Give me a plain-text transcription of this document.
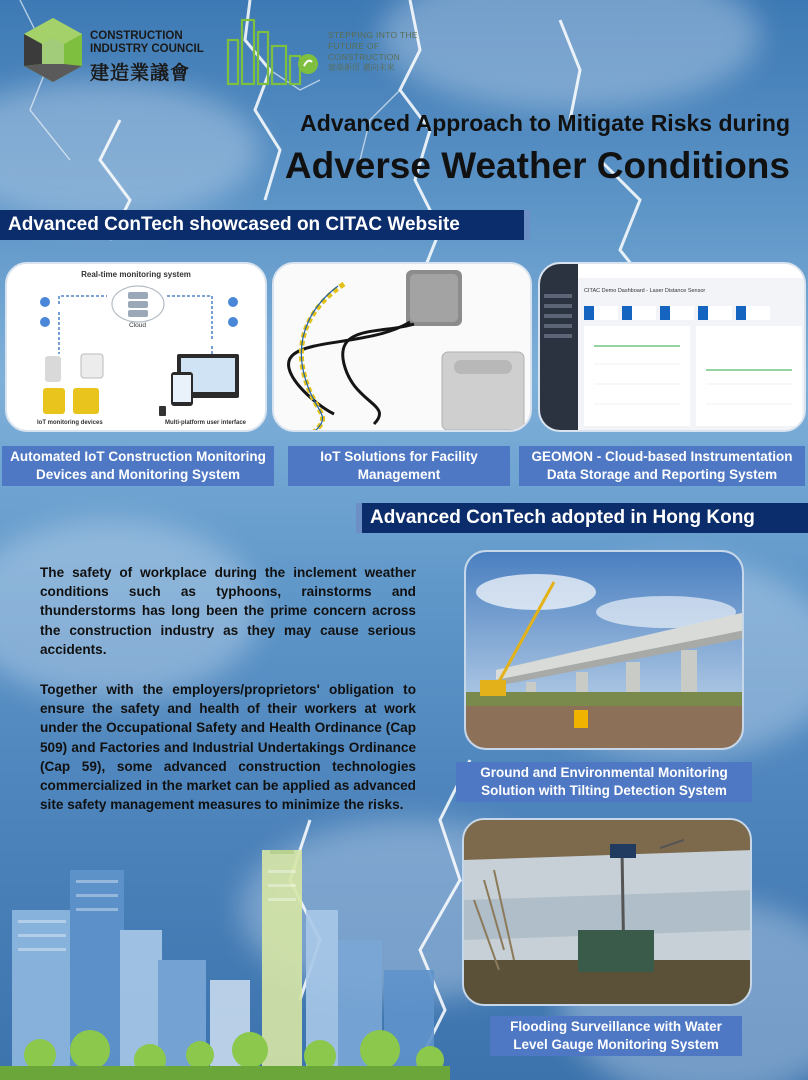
CONSTRUCTION INDUSTRY COUNCIL
建造業議會
STEPPING INTO THE FUTURE OF CONSTRUCTION
建築新徑 邁向未來
Advanced Approach to Mitigate Risks during
Adverse Weather Conditions
Advanced ConTech showcased on CITAC Website
Real-time monitoring system
Cloud
IoT monitoring devices	Multi-platform user interface
CITAC Demo Dashboard - Laser Distance Sensor
Automated IoT Construction Monitoring Devices and Monitoring System
IoT Solutions for Facility Management
GEOMON - Cloud-based Instrumentation Data Storage and Reporting System
Advanced ConTech adopted in Hong Kong
The safety of workplace during the inclement weather conditions such as typhoons, rainstorms and thunderstorms has long been the prime concern across the construction industry as they may cause serious accidents.
Together with the employers/proprietors' obligation to ensure the safety and health of their workers at work under the Occupational Safety and Health Ordinance (Cap 509) and Factories and Industrial Undertakings Ordinance (Cap 59), some advanced construction technologies commercialized in the market can be applied as advanced site safety management measures to minimize the risks.
Ground and Environmental Monitoring Solution with Tilting Detection System
Flooding Surveillance with Water Level Gauge Monitoring System
